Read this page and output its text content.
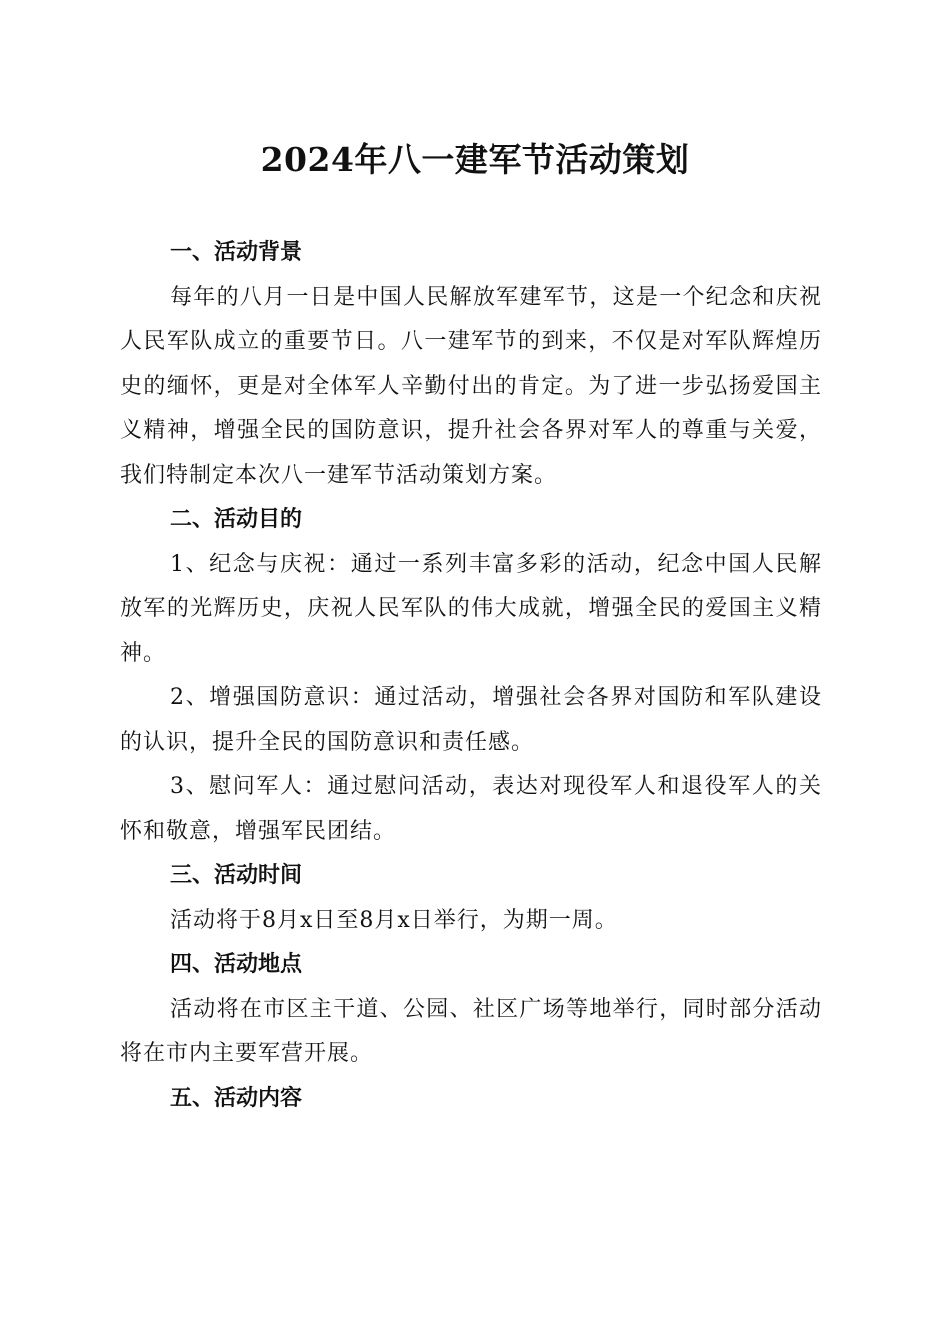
2024年八一建军节活动策划

一、活动背景

每年的八月一日是中国人民解放军建军节，这是一个纪念和庆祝人民军队成立的重要节日。八一建军节的到来，不仅是对军队辉煌历史的缅怀，更是对全体军人辛勤付出的肯定。为了进一步弘扬爱国主义精神，增强全民的国防意识，提升社会各界对军人的尊重与关爱，我们特制定本次八一建军节活动策划方案。

二、活动目的

1、纪念与庆祝：通过一系列丰富多彩的活动，纪念中国人民解放军的光辉历史，庆祝人民军队的伟大成就，增强全民的爱国主义精神。

2、增强国防意识：通过活动，增强社会各界对国防和军队建设的认识，提升全民的国防意识和责任感。

3、慰问军人：通过慰问活动，表达对现役军人和退役军人的关怀和敬意，增强军民团结。

三、活动时间

活动将于8月x日至8月x日举行，为期一周。

四、活动地点

活动将在市区主干道、公园、社区广场等地举行，同时部分活动将在市内主要军营开展。

五、活动内容
